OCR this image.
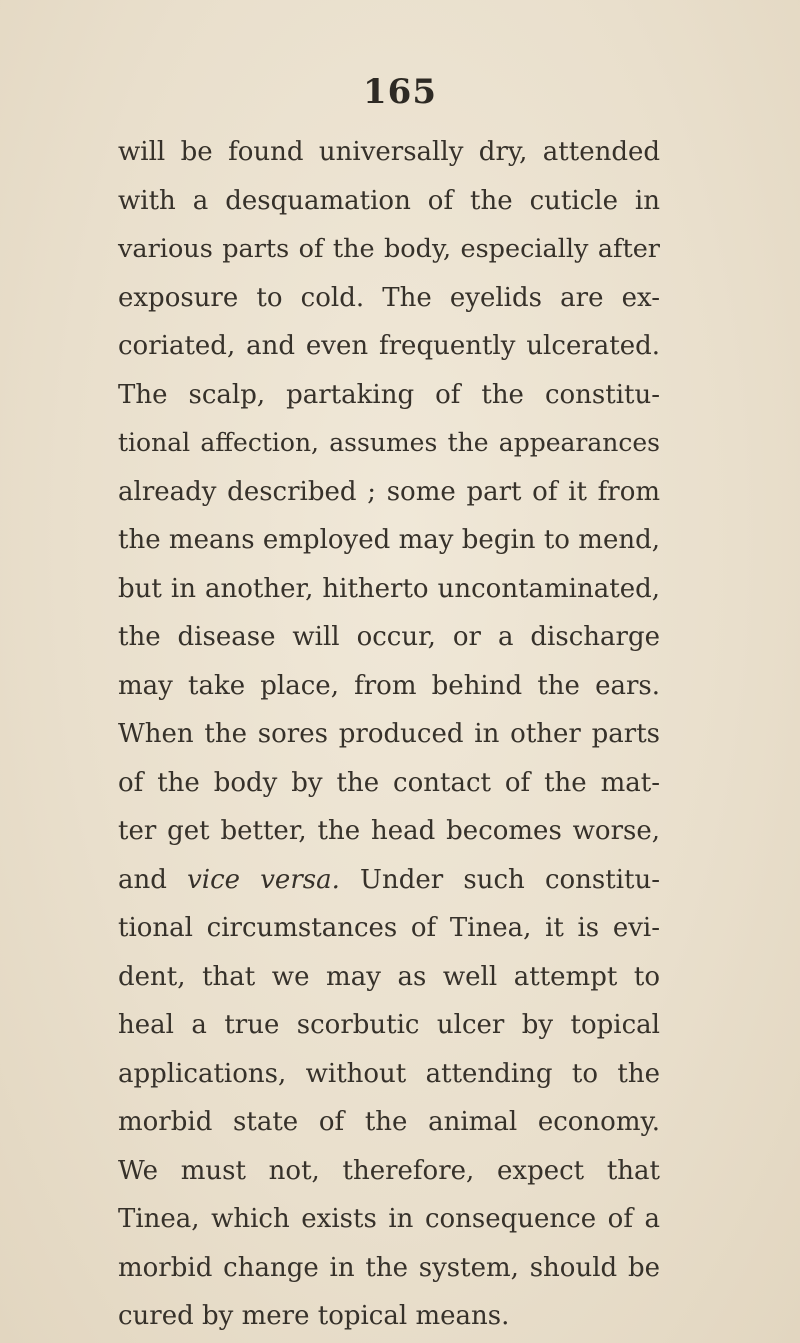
165
will be found universally dry, attended
with a desquamation of the cuticle in
various parts of the body, especially after
exposure to cold. The eyelids are ex-
coriated, and even frequently ulcerated.
The scalp, partaking of the constitu-
tional affection, assumes the appearances
already described ; some part of it from
the means employed may begin to mend,
but in another, hitherto uncontaminated,
the disease will occur, or a discharge
may take place, from behind the ears.
When the sores produced in other parts
of the body by the contact of the mat-
ter get better, the head becomes worse,
and vice versa. Under such constitu-
tional circumstances of Tinea, it is evi-
dent, that we may as well attempt to
heal a true scorbutic ulcer by topical
applications, without attending to the
morbid state of the animal economy.
We must not, therefore, expect that
Tinea, which exists in consequence of a
morbid change in the system, should be
cured by mere topical means.
